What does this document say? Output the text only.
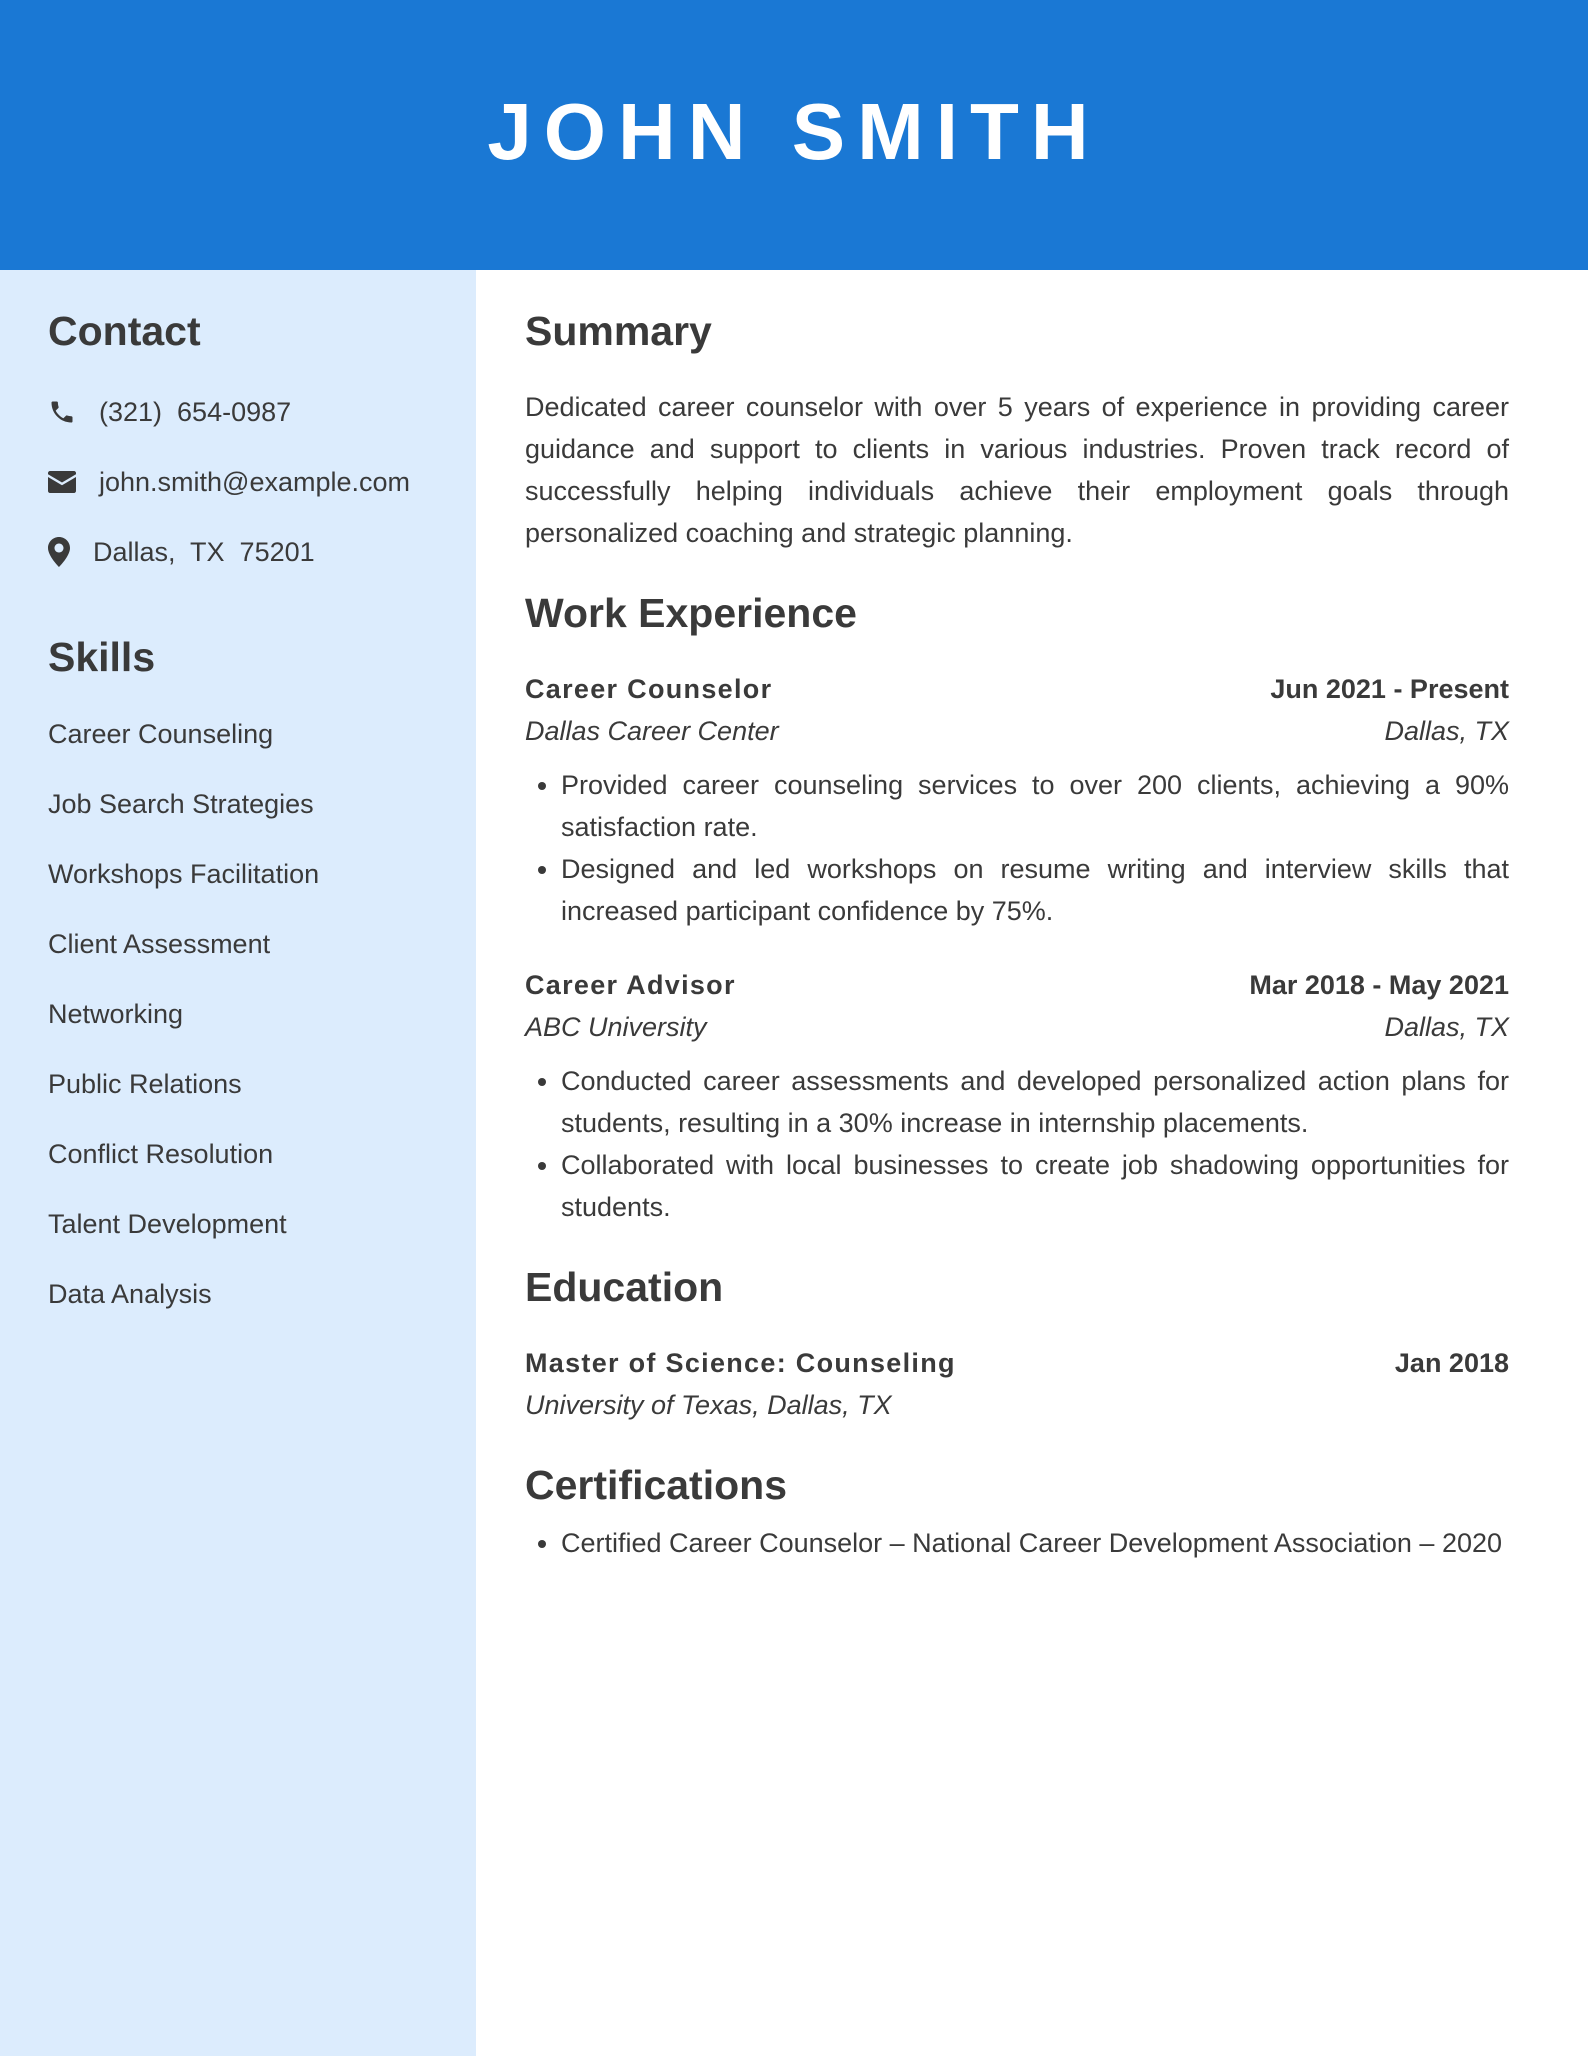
JOHN SMITH
Contact
(321)  654-0987
john.smith@example.com
Dallas,  TX  75201
Skills
Career Counseling
Job Search Strategies
Workshops Facilitation
Client Assessment
Networking
Public Relations
Conflict Resolution
Talent Development
Data Analysis
Summary
Dedicated career counselor with over 5 years of experience in providing career guidance and support to clients in various industries. Proven track record of successfully helping individuals achieve their employment goals through personalized coaching and strategic planning.
Work Experience
Career Counselor	Jun 2021 - Present
Dallas Career Center	Dallas, TX
• Provided career counseling services to over 200 clients, achieving a 90% satisfaction rate.
• Designed and led workshops on resume writing and interview skills that increased participant confidence by 75%.
Career Advisor	Mar 2018 - May 2021
ABC University	Dallas, TX
• Conducted career assessments and developed personalized action plans for students, resulting in a 30% increase in internship placements.
• Collaborated with local businesses to create job shadowing opportunities for students.
Education
Master of Science: Counseling	Jan 2018
University of Texas, Dallas, TX
Certifications
• Certified Career Counselor – National Career Development Association – 2020
